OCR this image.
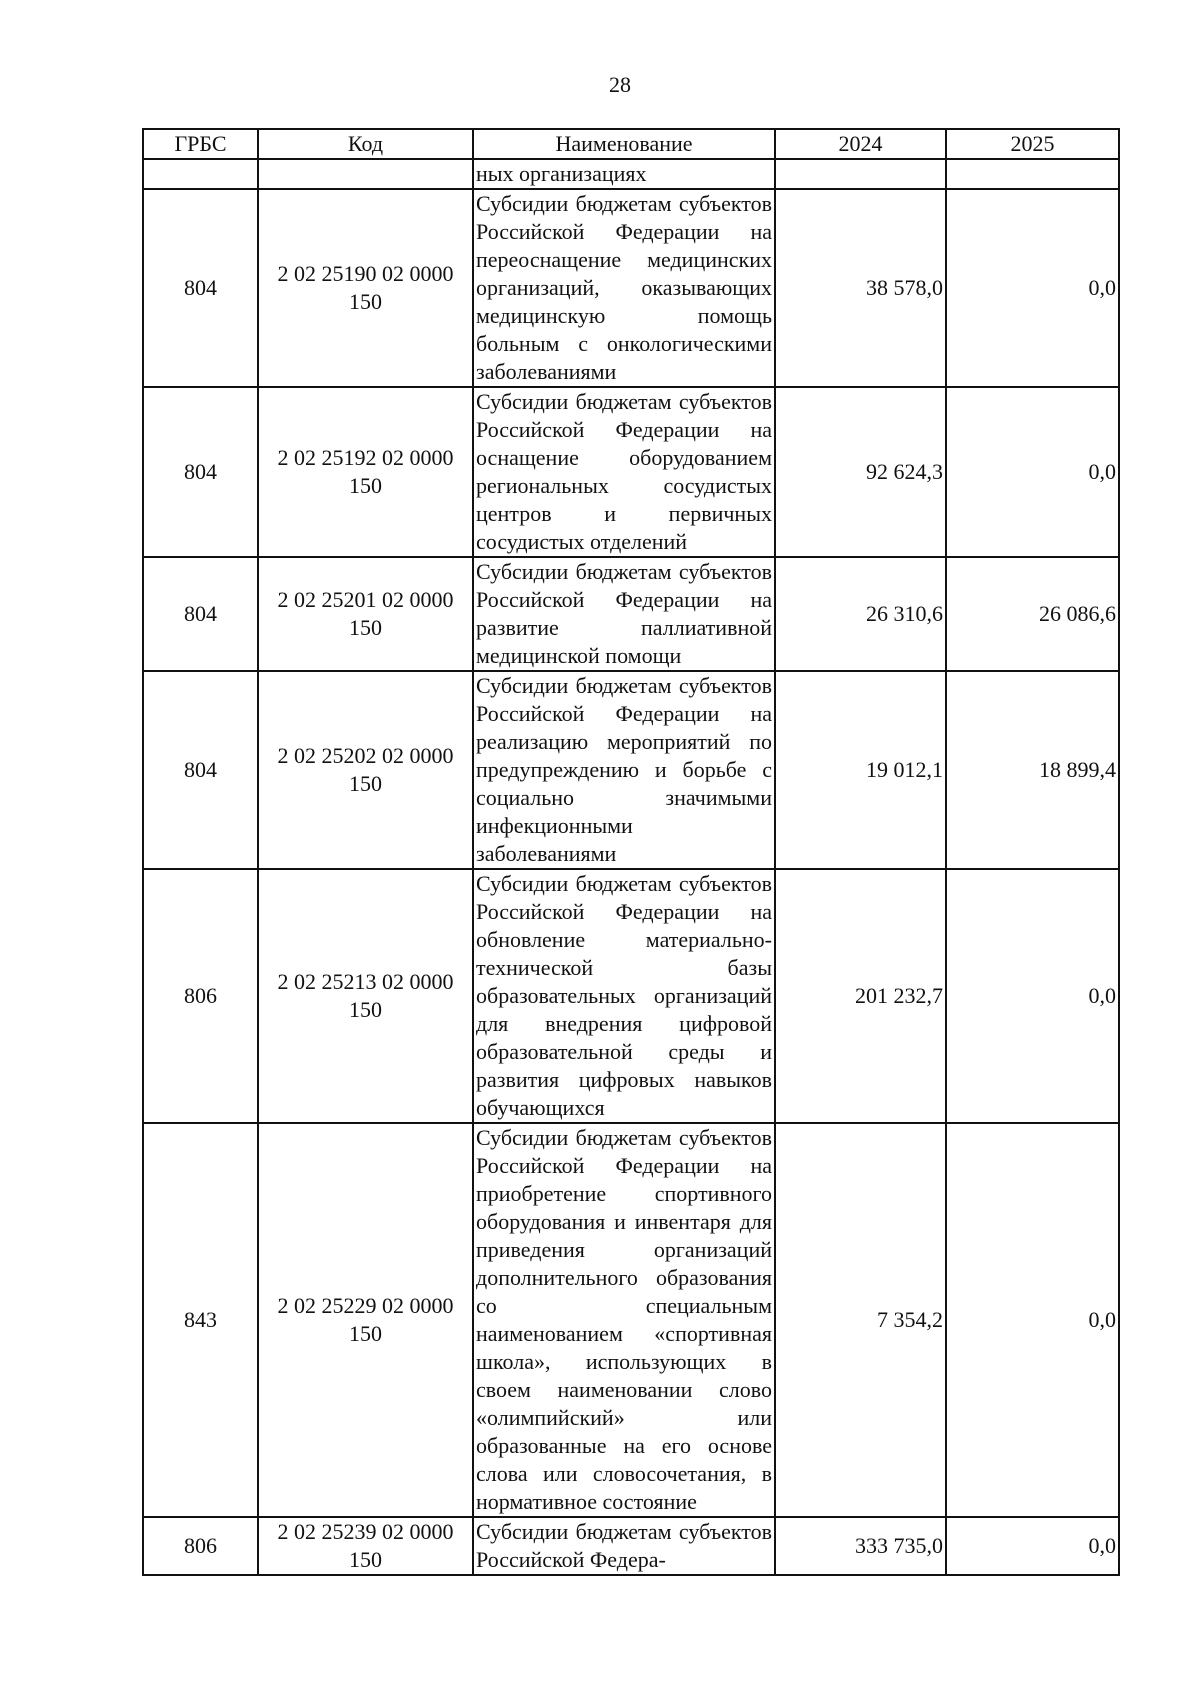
28
ГРБС	Код	Наименование	2024	2025
		ных организациях		
804	2 02 25190 02 0000 150	Субсидии бюджетам субъектов Российской Федерации на переоснащение медицинских организаций, оказывающих медицинскую помощь больным с онкологическими заболеваниями	38 578,0	0,0
804	2 02 25192 02 0000 150	Субсидии бюджетам субъектов Российской Федерации на оснащение оборудованием региональных сосудистых центров и первичных сосудистых отделений	92 624,3	0,0
804	2 02 25201 02 0000 150	Субсидии бюджетам субъектов Российской Федерации на развитие паллиативной медицинской помощи	26 310,6	26 086,6
804	2 02 25202 02 0000 150	Субсидии бюджетам субъектов Российской Федерации на реализацию мероприятий по предупреждению и борьбе с социально значимыми инфекционными заболеваниями	19 012,1	18 899,4
806	2 02 25213 02 0000 150	Субсидии бюджетам субъектов Российской Федерации на обновление материально-технической базы образовательных организаций для внедрения цифровой образовательной среды и развития цифровых навыков обучающихся	201 232,7	0,0
843	2 02 25229 02 0000 150	Субсидии бюджетам субъектов Российской Федерации на приобретение спортивного оборудования и инвентаря для приведения организаций дополнительного образования со специальным наименованием «спортивная школа», использующих в своем наименовании слово «олимпийский» или образованные на его основе слова или словосочетания, в нормативное состояние	7 354,2	0,0
806	2 02 25239 02 0000 150	Субсидии бюджетам субъектов Российской Федера-	333 735,0	0,0
